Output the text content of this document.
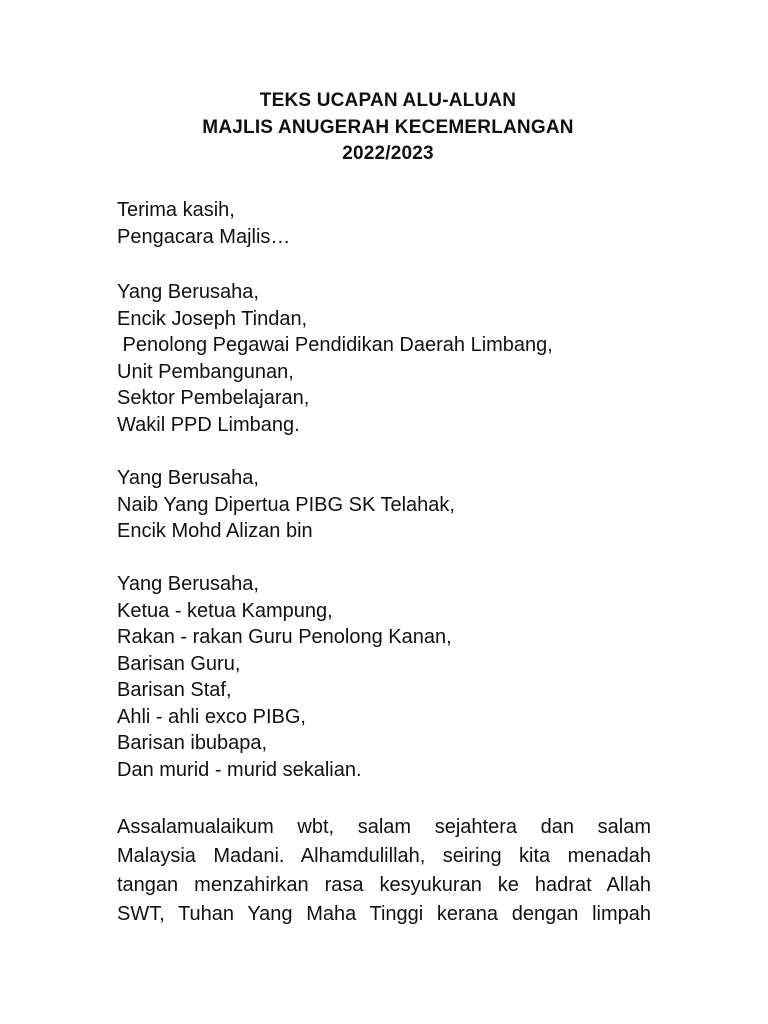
TEKS UCAPAN ALU-ALUAN
MAJLIS ANUGERAH KECEMERLANGAN
2022/2023
Terima kasih,
Pengacara Majlis…
Yang Berusaha,
Encik Joseph Tindan,
Penolong Pegawai Pendidikan Daerah Limbang,
Unit Pembangunan,
Sektor Pembelajaran,
Wakil PPD Limbang.
Yang Berusaha,
Naib Yang Dipertua PIBG SK Telahak,
Encik Mohd Alizan bin
Yang Berusaha,
Ketua - ketua Kampung,
Rakan - rakan Guru Penolong Kanan,
Barisan Guru,
Barisan Staf,
Ahli - ahli exco PIBG,
Barisan ibubapa,
Dan murid - murid sekalian.
Assalamualaikum wbt, salam sejahtera dan salam
Malaysia Madani. Alhamdulillah, seiring kita menadah
tangan menzahirkan rasa kesyukuran ke hadrat Allah
SWT, Tuhan Yang Maha Tinggi kerana dengan limpah
